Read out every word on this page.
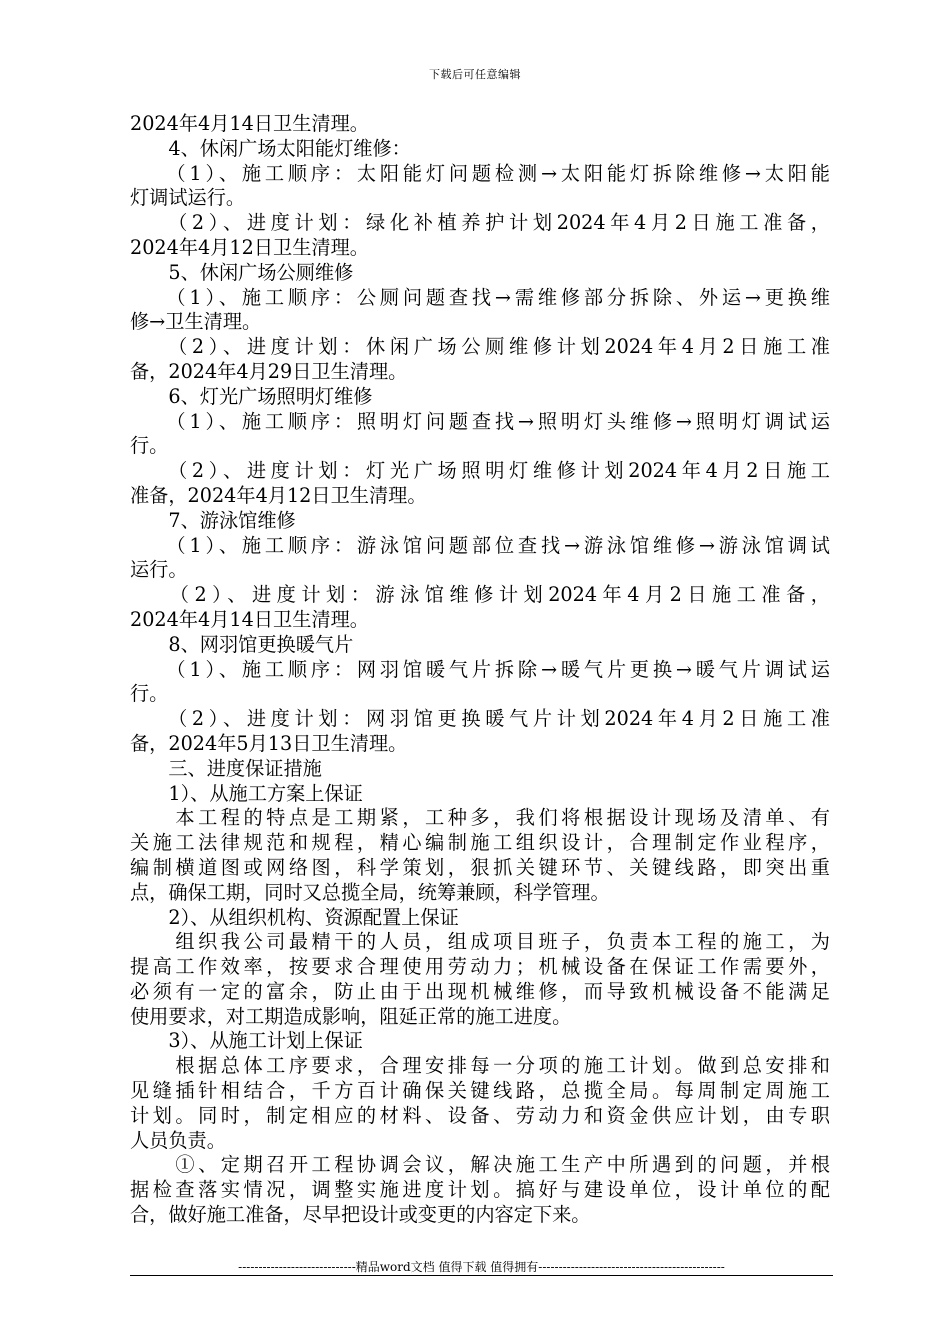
下载后可任意编辑
2024年4月14日卫生清理。
　　4、休闲广场太阳能灯维修：
　　（1）、施工顺序：太阳能灯问题检测→太阳能灯拆除维修→太阳能
灯调试运行。
　　（2）、进度计划：绿化补植养护计划2024年4月2日施工准备，
2024年4月12日卫生清理。
　　5、休闲广场公厕维修
　　（1）、施工顺序：公厕问题查找→需维修部分拆除、外运→更换维
修→卫生清理。
　　（2）、进度计划：休闲广场公厕维修计划2024年4月2日施工准
备，2024年4月29日卫生清理。
　　6、灯光广场照明灯维修
　　（1）、施工顺序：照明灯问题查找→照明灯头维修→照明灯调试运
行。
　　（2）、进度计划：灯光广场照明灯维修计划2024年4月2日施工
准备，2024年4月12日卫生清理。
　　7、游泳馆维修
　　（1）、施工顺序：游泳馆问题部位查找→游泳馆维修→游泳馆调试
运行。
　　（2）、进度计划：游泳馆维修计划2024年4月2日施工准备，
2024年4月14日卫生清理。
　　8、网羽馆更换暖气片
　　（1）、施工顺序：网羽馆暖气片拆除→暖气片更换→暖气片调试运
行。
　　（2）、进度计划：网羽馆更换暖气片计划2024年4月2日施工准
备，2024年5月13日卫生清理。
　　三、进度保证措施
　　1）、从施工方案上保证
　　本工程的特点是工期紧，工种多，我们将根据设计现场及清单、有
关施工法律规范和规程，精心编制施工组织设计，合理制定作业程序，
编制横道图或网络图，科学策划，狠抓关键环节、关键线路，即突出重
点，确保工期，同时又总揽全局，统筹兼顾，科学管理。
　　2）、从组织机构、资源配置上保证
　　组织我公司最精干的人员，组成项目班子，负责本工程的施工，为
提高工作效率，按要求合理使用劳动力；机械设备在保证工作需要外，
必须有一定的富余，防止由于出现机械维修，而导致机械设备不能满足
使用要求，对工期造成影响，阻延正常的施工进度。
　　3）、从施工计划上保证
　　根据总体工序要求，合理安排每一分项的施工计划。做到总安排和
见缝插针相结合，千方百计确保关键线路，总揽全局。每周制定周施工
计划。同时，制定相应的材料、设备、劳动力和资金供应计划，由专职
人员负责。
　　①、定期召开工程协调会议，解决施工生产中所遇到的问题，并根
据检查落实情况，调整实施进度计划。搞好与建设单位，设计单位的配
合，做好施工准备，尽早把设计或变更的内容定下来。
-----------------------------精品word文档 值得下载 值得拥有----------------------------------------------
